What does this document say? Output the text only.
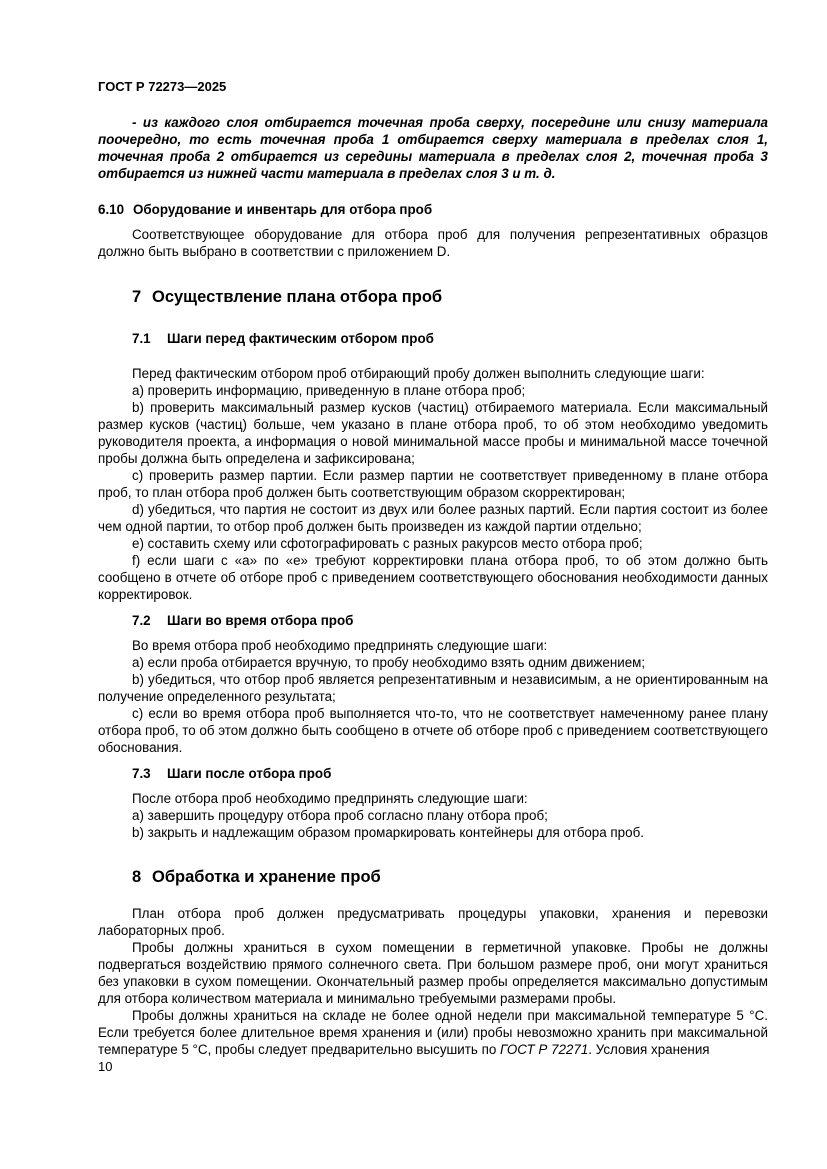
ГОСТ Р 72273—2025

- из каждого слоя отбирается точечная проба сверху, посередине или снизу материала поочередно, то есть точечная проба 1 отбирается сверху материала в пределах слоя 1, точечная проба 2 отбирается из середины материала в пределах слоя 2, точечная проба 3 отбирается из нижней части материала в пределах слоя 3 и т. д.

6.10 Оборудование и инвентарь для отбора проб

Соответствующее оборудование для отбора проб для получения репрезентативных образцов должно быть выбрано в соответствии с приложением D.

7 Осуществление плана отбора проб

7.1 Шаги перед фактическим отбором проб

Перед фактическим отбором проб отбирающий пробу должен выполнить следующие шаги:

a) проверить информацию, приведенную в плане отбора проб;

b) проверить максимальный размер кусков (частиц) отбираемого материала. Если максимальный размер кусков (частиц) больше, чем указано в плане отбора проб, то об этом необходимо уведомить руководителя проекта, а информация о новой минимальной массе пробы и минимальной массе точечной пробы должна быть определена и зафиксирована;

c) проверить размер партии. Если размер партии не соответствует приведенному в плане отбора проб, то план отбора проб должен быть соответствующим образом скорректирован;

d) убедиться, что партия не состоит из двух или более разных партий. Если партия состоит из более чем одной партии, то отбор проб должен быть произведен из каждой партии отдельно;

e) составить схему или сфотографировать с разных ракурсов место отбора проб;

f) если шаги с «а» по «е» требуют корректировки плана отбора проб, то об этом должно быть сообщено в отчете об отборе проб с приведением соответствующего обоснования необходимости данных корректировок.

7.2 Шаги во время отбора проб

Во время отбора проб необходимо предпринять следующие шаги:

a) если проба отбирается вручную, то пробу необходимо взять одним движением;

b) убедиться, что отбор проб является репрезентативным и независимым, а не ориентированным на получение определенного результата;

c) если во время отбора проб выполняется что-то, что не соответствует намеченному ранее плану отбора проб, то об этом должно быть сообщено в отчете об отборе проб с приведением соответствующего обоснования.

7.3 Шаги после отбора проб

После отбора проб необходимо предпринять следующие шаги:

a) завершить процедуру отбора проб согласно плану отбора проб;

b) закрыть и надлежащим образом промаркировать контейнеры для отбора проб.

8 Обработка и хранение проб

План отбора проб должен предусматривать процедуры упаковки, хранения и перевозки лабораторных проб.

Пробы должны храниться в сухом помещении в герметичной упаковке. Пробы не должны подвергаться воздействию прямого солнечного света. При большом размере проб, они могут храниться без упаковки в сухом помещении. Окончательный размер пробы определяется максимально допустимым для отбора количеством материала и минимально требуемыми размерами пробы.

Пробы должны храниться на складе не более одной недели при максимальной температуре 5 °С. Если требуется более длительное время хранения и (или) пробы невозможно хранить при максимальной температуре 5 °С, пробы следует предварительно высушить по ГОСТ Р 72271. Условия хранения

10
